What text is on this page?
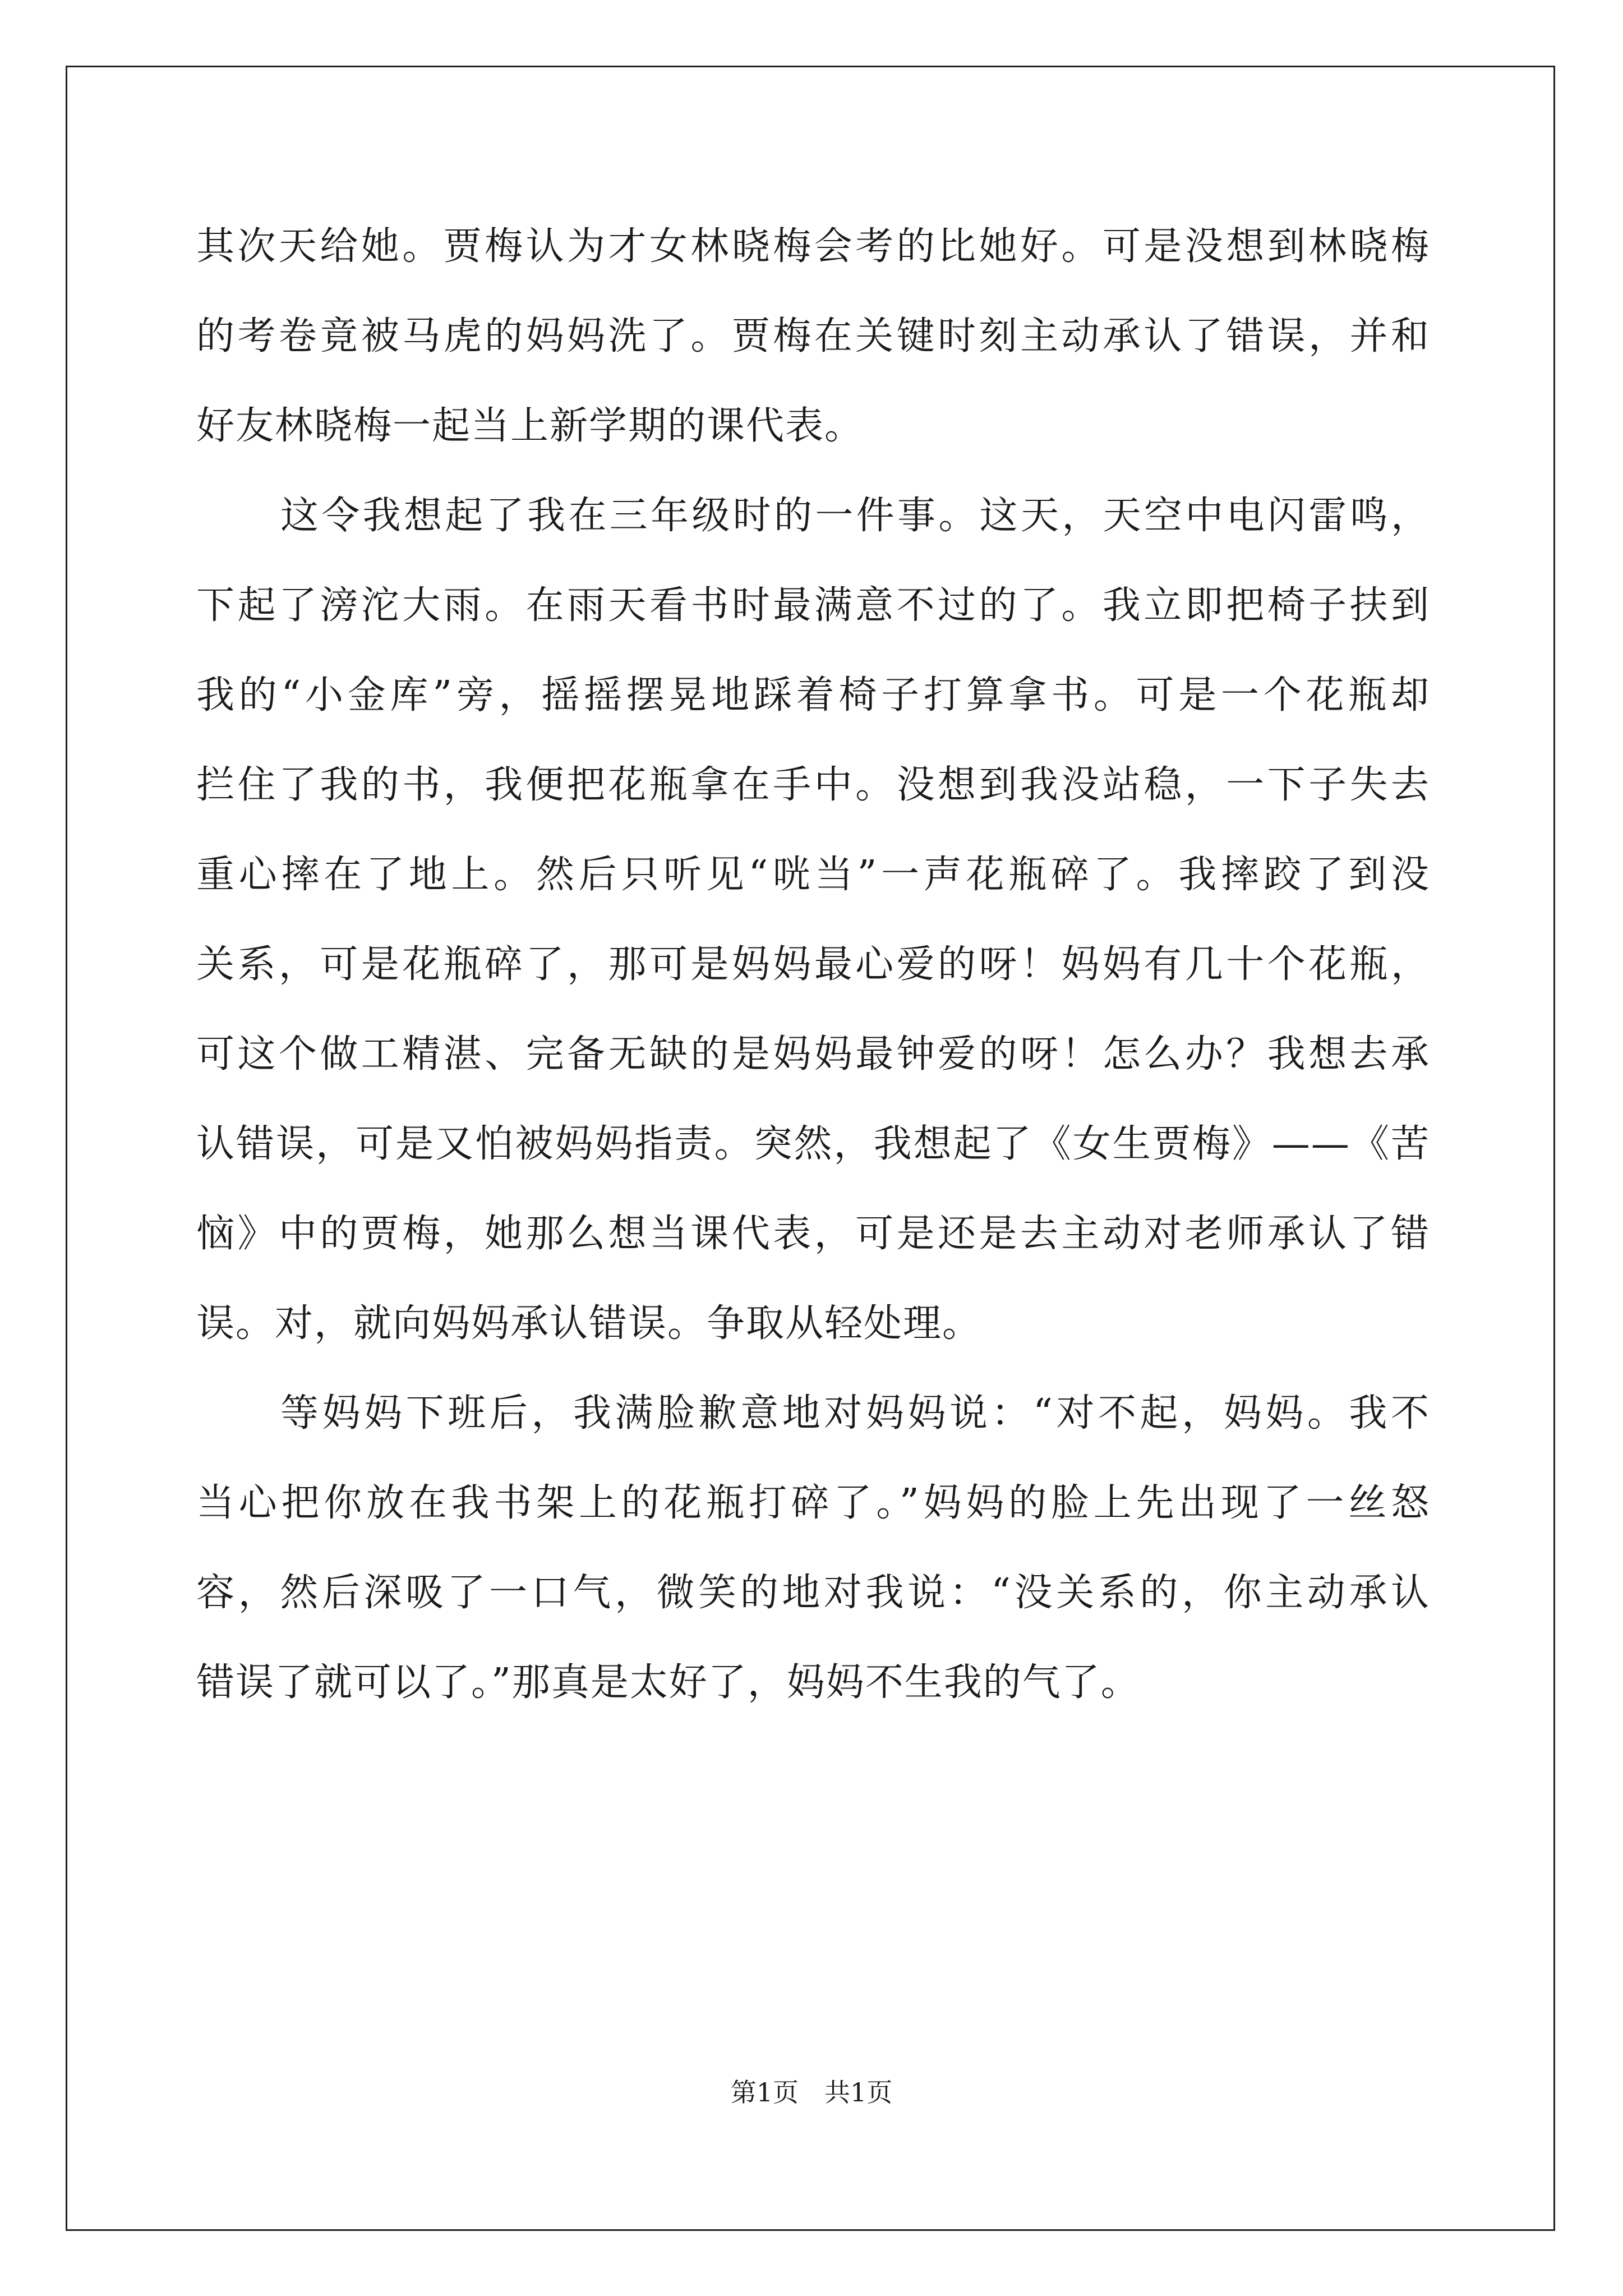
其次天给她。贾梅认为才女林晓梅会考的比她好。可是没想到林晓梅
的考卷竟被马虎的妈妈洗了。贾梅在关键时刻主动承认了错误，并和
好友林晓梅一起当上新学期的课代表。
这令我想起了我在三年级时的一件事。这天，天空中电闪雷鸣，
下起了滂沱大雨。在雨天看书时最满意不过的了。我立即把椅子扶到
我的“小金库”旁，摇摇摆晃地踩着椅子打算拿书。可是一个花瓶却
拦住了我的书，我便把花瓶拿在手中。没想到我没站稳，一下子失去
重心摔在了地上。然后只听见“咣当”一声花瓶碎了。我摔跤了到没
关系，可是花瓶碎了，那可是妈妈最心爱的呀！妈妈有几十个花瓶，
可这个做工精湛、完备无缺的是妈妈最钟爱的呀！怎么办？我想去承
认错误，可是又怕被妈妈指责。突然，我想起了《女生贾梅》——《苦
恼》中的贾梅，她那么想当课代表，可是还是去主动对老师承认了错
误。对，就向妈妈承认错误。争取从轻处理。
等妈妈下班后，我满脸歉意地对妈妈说：“对不起，妈妈。我不
当心把你放在我书架上的花瓶打碎了。”妈妈的脸上先出现了一丝怒
容，然后深吸了一口气，微笑的地对我说：“没关系的，你主动承认
错误了就可以了。”那真是太好了，妈妈不生我的气了。
第1页　共1页
